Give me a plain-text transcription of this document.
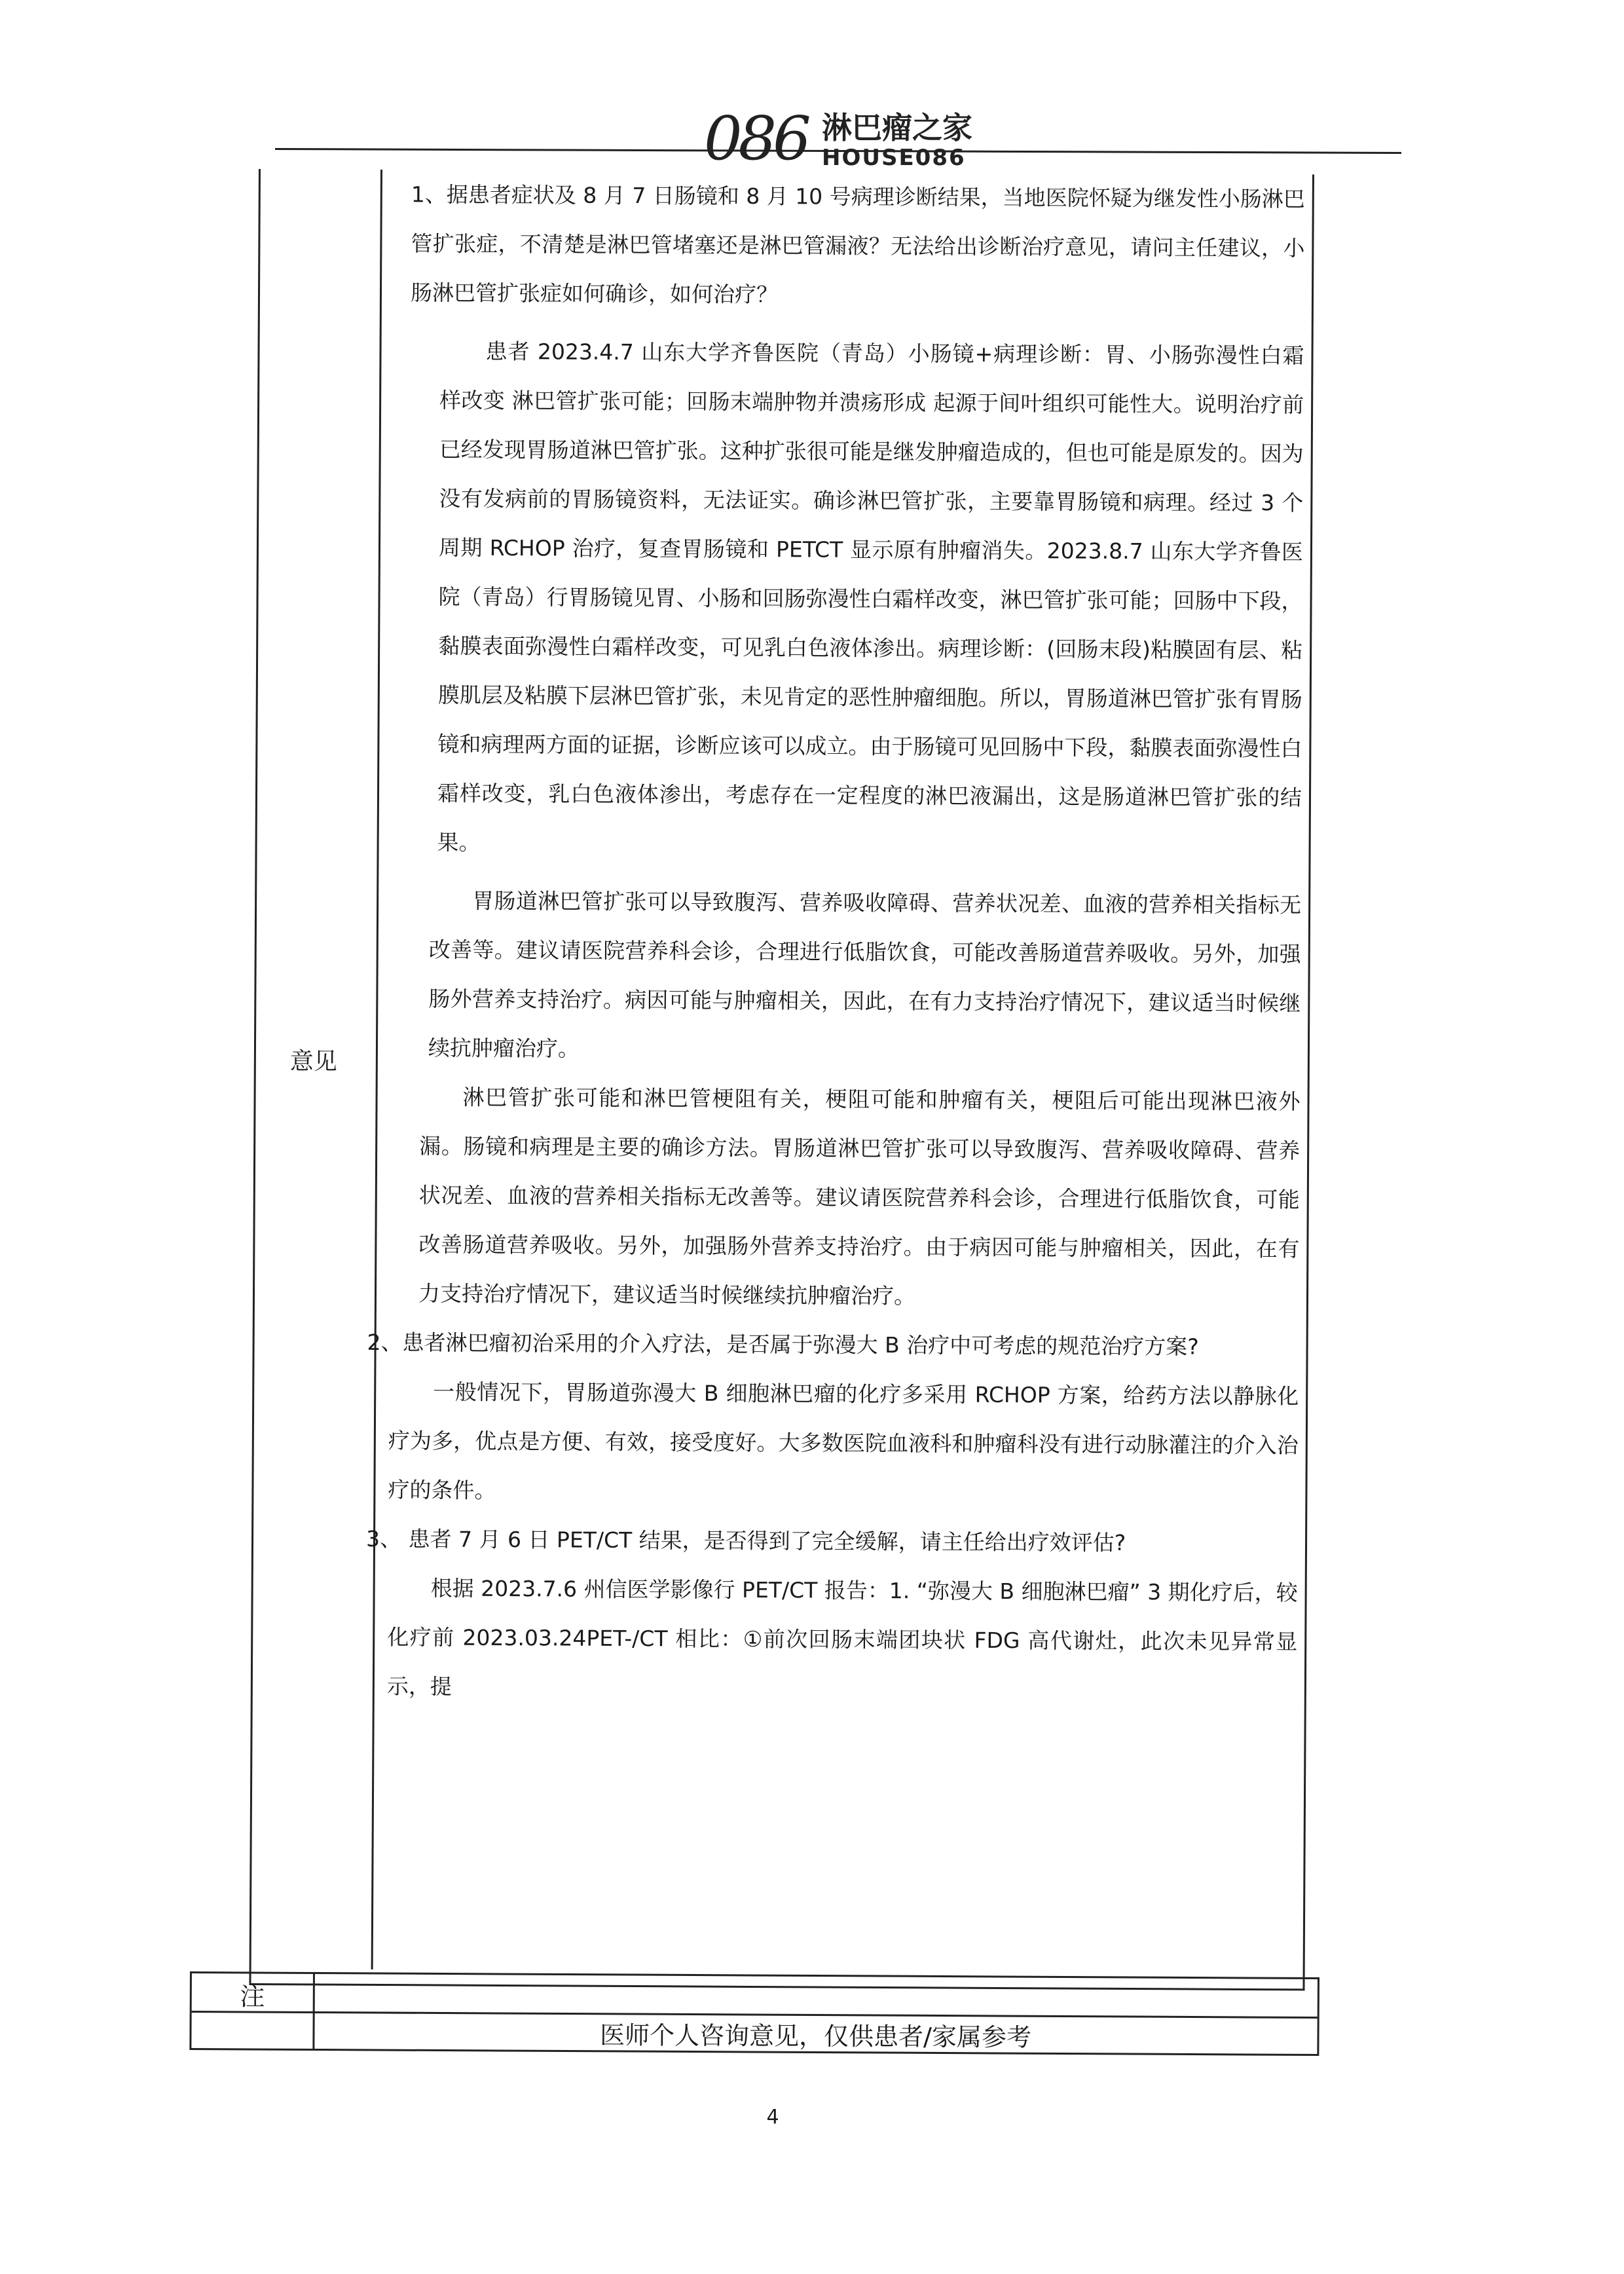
086 淋巴瘤之家
HOUSE086
意见

1、据患者症状及 8 月 7 日肠镜和 8 月 10 号病理诊断结果，当地医院怀疑为继发性小肠淋巴管扩张症，不清楚是淋巴管堵塞还是淋巴管漏液？无法给出诊断治疗意见，请问主任建议，小肠淋巴管扩张症如何确诊，如何治疗？

患者 2023.4.7 山东大学齐鲁医院（青岛）小肠镜+病理诊断：胃、小肠弥漫性白霜样改变 淋巴管扩张可能；回肠末端肿物并溃疡形成 起源于间叶组织可能性大。说明治疗前已经发现胃肠道淋巴管扩张。这种扩张很可能是继发肿瘤造成的，但也可能是原发的。因为没有发病前的胃肠镜资料，无法证实。确诊淋巴管扩张，主要靠胃肠镜和病理。经过 3 个周期 RCHOP 治疗，复查胃肠镜和 PETCT 显示原有肿瘤消失。2023.8.7 山东大学齐鲁医院（青岛）行胃肠镜见胃、小肠和回肠弥漫性白霜样改变，淋巴管扩张可能；回肠中下段，黏膜表面弥漫性白霜样改变，可见乳白色液体渗出。病理诊断：(回肠末段)粘膜固有层、粘膜肌层及粘膜下层淋巴管扩张，未见肯定的恶性肿瘤细胞。所以，胃肠道淋巴管扩张有胃肠镜和病理两方面的证据，诊断应该可以成立。由于肠镜可见回肠中下段，黏膜表面弥漫性白霜样改变，乳白色液体渗出，考虑存在一定程度的淋巴液漏出，这是肠道淋巴管扩张的结果。

胃肠道淋巴管扩张可以导致腹泻、营养吸收障碍、营养状况差、血液的营养相关指标无改善等。建议请医院营养科会诊，合理进行低脂饮食，可能改善肠道营养吸收。另外，加强肠外营养支持治疗。病因可能与肿瘤相关，因此，在有力支持治疗情况下，建议适当时候继续抗肿瘤治疗。

淋巴管扩张可能和淋巴管梗阻有关，梗阻可能和肿瘤有关，梗阻后可能出现淋巴液外漏。肠镜和病理是主要的确诊方法。胃肠道淋巴管扩张可以导致腹泻、营养吸收障碍、营养状况差、血液的营养相关指标无改善等。建议请医院营养科会诊，合理进行低脂饮食，可能改善肠道营养吸收。另外，加强肠外营养支持治疗。由于病因可能与肿瘤相关，因此，在有力支持治疗情况下，建议适当时候继续抗肿瘤治疗。

2、患者淋巴瘤初治采用的介入疗法，是否属于弥漫大 B 治疗中可考虑的规范治疗方案?

一般情况下，胃肠道弥漫大 B 细胞淋巴瘤的化疗多采用 RCHOP 方案，给药方法以静脉化疗为多，优点是方便、有效，接受度好。大多数医院血液科和肿瘤科没有进行动脉灌注的介入治疗的条件。

3、 患者 7 月 6 日 PET/CT 结果，是否得到了完全缓解，请主任给出疗效评估?

根据 2023.7.6 州信医学影像行 PET/CT 报告：1. “弥漫大 B 细胞淋巴瘤” 3 期化疗后，较化疗前 2023.03.24PET-/CT 相比：①前次回肠末端团块状 FDG 高代谢灶，此次未见异常显示，提

注
医师个人咨询意见，仅供患者/家属参考
4
